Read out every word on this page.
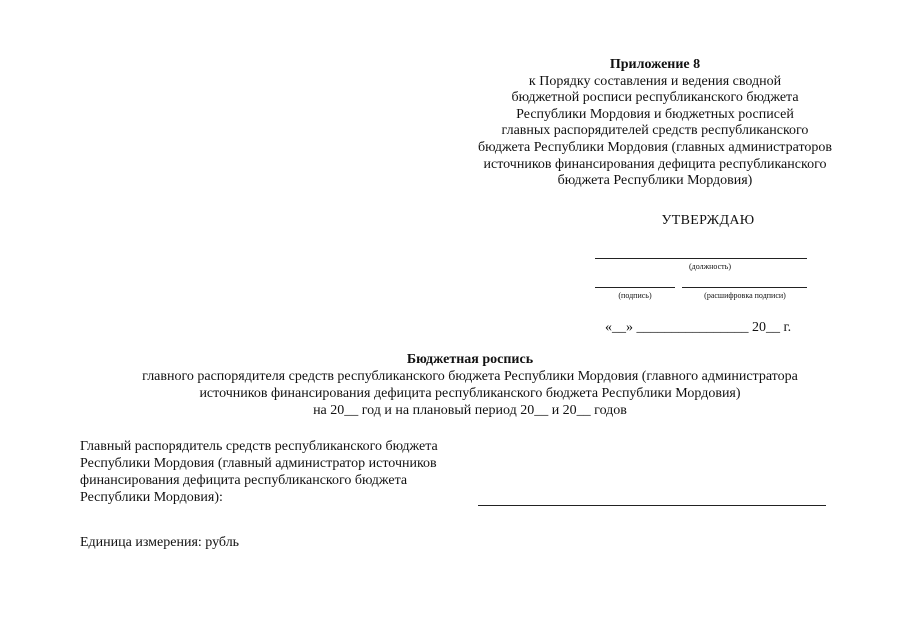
Приложение 8
к Порядку составления и ведения сводной
бюджетной росписи республиканского бюджета
Республики Мордовия и бюджетных росписей
главных распорядителей средств республиканского
бюджета Республики Мордовия (главных администраторов
источников финансирования дефицита республиканского
бюджета Республики Мордовия)
УТВЕРЖДАЮ
(должность)
(подпись)	(расшифровка подписи)
«__» ________________ 20__ г.
Бюджетная роспись
главного распорядителя средств республиканского бюджета Республики Мордовия (главного администратора
источников финансирования дефицита республиканского бюджета Республики Мордовия)
на 20__ год и на плановый период 20__ и 20__ годов
Главный распорядитель средств республиканского бюджета
Республики Мордовия (главный администратор источников
финансирования дефицита республиканского бюджета
Республики Мордовия):
Единица измерения: рубль
